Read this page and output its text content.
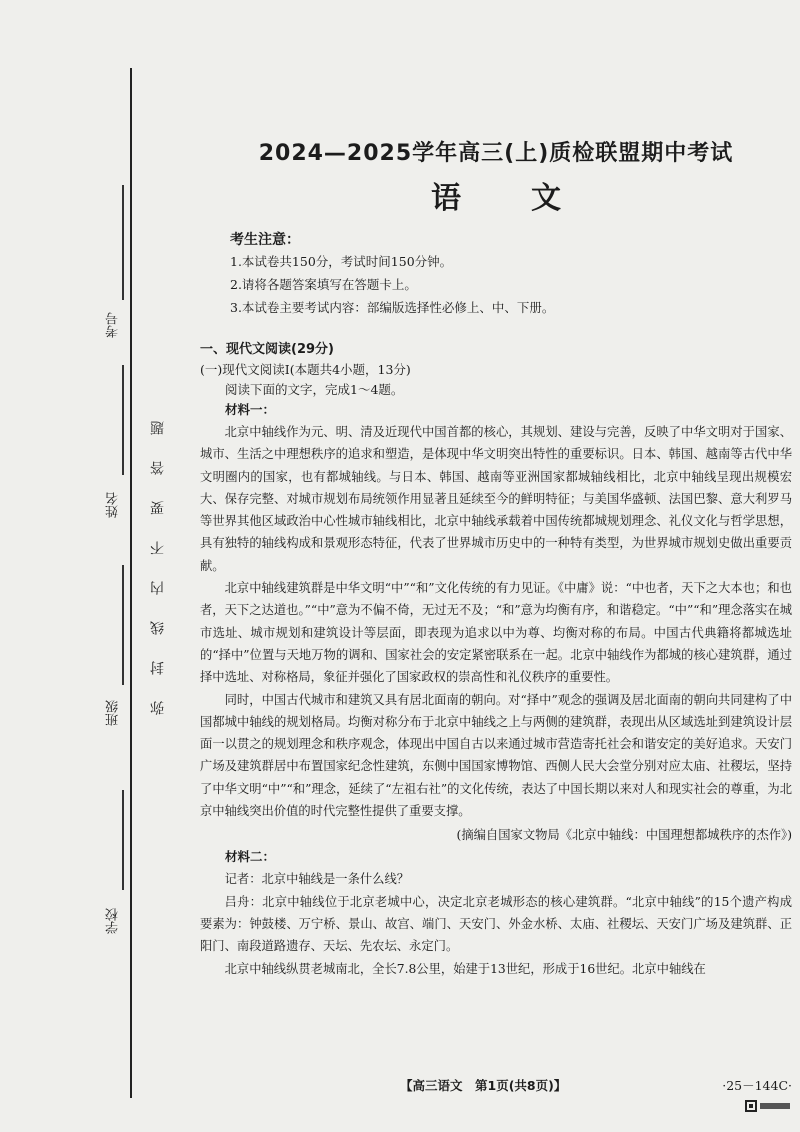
考号
姓名
班级
学校
弥封线内不要答题
2024—2025学年高三(上)质检联盟期中考试
语文
考生注意：
1.本试卷共150分，考试时间150分钟。
2.请将各题答案填写在答题卡上。
3.本试卷主要考试内容：部编版选择性必修上、中、下册。
一、现代文阅读(29分)
(一)现代文阅读Ⅰ(本题共4小题，13分)
阅读下面的文字，完成1～4题。
材料一：

北京中轴线作为元、明、清及近现代中国首都的核心，其规划、建设与完善，反映了中华文明对于国家、城市、生活之中理想秩序的追求和塑造，是体现中华文明突出特性的重要标识。日本、韩国、越南等古代中华文明圈内的国家，也有都城轴线。与日本、韩国、越南等亚洲国家都城轴线相比，北京中轴线呈现出规模宏大、保存完整、对城市规划布局统领作用显著且延续至今的鲜明特征；与美国华盛顿、法国巴黎、意大利罗马等世界其他区域政治中心性城市轴线相比，北京中轴线承载着中国传统都城规划理念、礼仪文化与哲学思想，具有独特的轴线构成和景观形态特征，代表了世界城市历史中的一种特有类型，为世界城市规划史做出重要贡献。

北京中轴线建筑群是中华文明“中”“和”文化传统的有力见证。《中庸》说：“中也者，天下之大本也；和也者，天下之达道也。”“中”意为不偏不倚，无过无不及；“和”意为均衡有序，和谐稳定。“中”“和”理念落实在城市选址、城市规划和建筑设计等层面，即表现为追求以中为尊、均衡对称的布局。中国古代典籍将都城选址的“择中”位置与天地万物的调和、国家社会的安定紧密联系在一起。北京中轴线作为都城的核心建筑群，通过择中选址、对称格局，象征并强化了国家政权的崇高性和礼仪秩序的重要性。

同时，中国古代城市和建筑又具有居北面南的朝向。对“择中”观念的强调及居北面南的朝向共同建构了中国都城中轴线的规划格局。均衡对称分布于北京中轴线之上与两侧的建筑群，表现出从区域选址到建筑设计层面一以贯之的规划理念和秩序观念，体现出中国自古以来通过城市营造寄托社会和谐安定的美好追求。天安门广场及建筑群居中布置国家纪念性建筑，东侧中国国家博物馆、西侧人民大会堂分别对应太庙、社稷坛，坚持了中华文明“中”“和”理念，延续了“左祖右社”的文化传统，表达了中国长期以来对人和现实社会的尊重，为北京中轴线突出价值的时代完整性提供了重要支撑。

(摘编自国家文物局《北京中轴线：中国理想都城秩序的杰作》)

材料二：

记者：北京中轴线是一条什么线？

吕舟：北京中轴线位于北京老城中心，决定北京老城形态的核心建筑群。“北京中轴线”的15个遗产构成要素为：钟鼓楼、万宁桥、景山、故宫、端门、天安门、外金水桥、太庙、社稷坛、天安门广场及建筑群、正阳门、南段道路遗存、天坛、先农坛、永定门。

北京中轴线纵贯老城南北，全长7.8公里，始建于13世纪，形成于16世纪。北京中轴线在

【高三语文　第1页(共8页)】	·25－144C·
